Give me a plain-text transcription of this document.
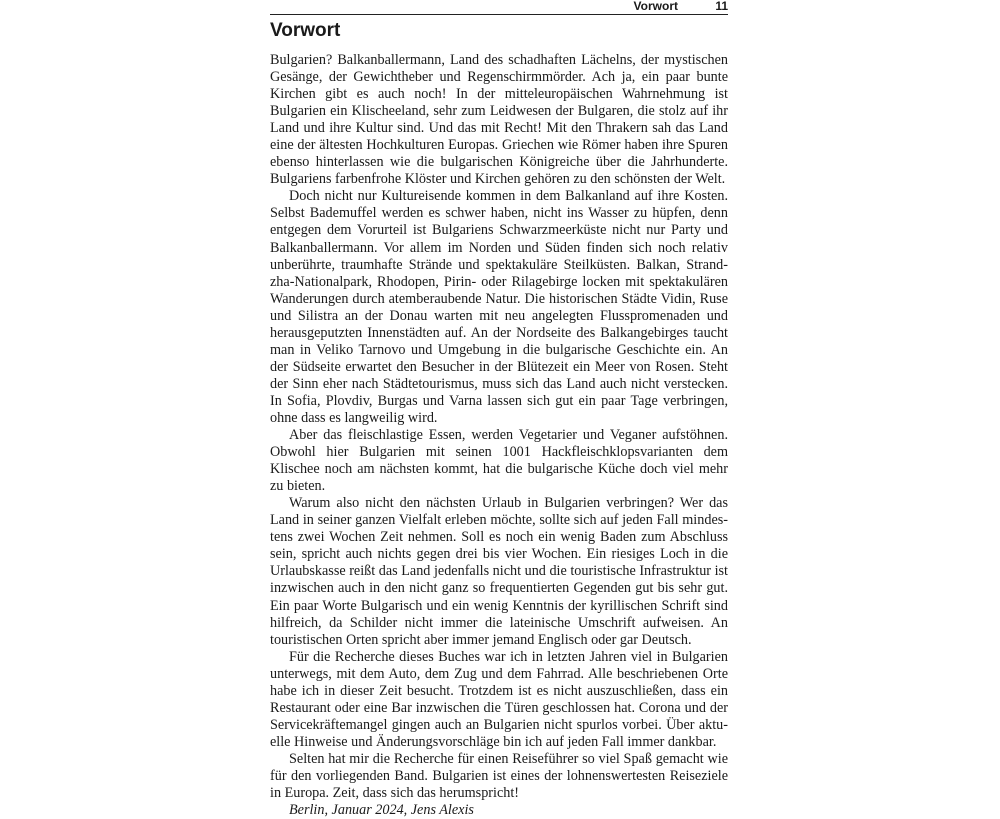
Vorwort	11
Vorwort

Bulgarien? Balkanballermann, Land des schadhaften Lächelns, der mystischen Gesänge, der Gewichtheber und Regenschirmmörder. Ach ja, ein paar bunte Kirchen gibt es auch noch! In der mitteleuropäischen Wahrnehmung ist Bulgarien ein Klischeeland, sehr zum Leidwesen der Bulgaren, die stolz auf ihr Land und ihre Kultur sind. Und das mit Recht! Mit den Thrakern sah das Land eine der ältesten Hochkulturen Europas. Griechen wie Römer haben ihre Spuren ebenso hinterlassen wie die bulgarischen Königreiche über die Jahrhunderte. Bulgariens farbenfrohe Klöster und Kirchen gehören zu den schönsten der Welt.

Doch nicht nur Kultureisende kommen in dem Balkanland auf ihre Kosten. Selbst Bademuffel werden es schwer haben, nicht ins Wasser zu hüpfen, denn entgegen dem Vorurteil ist Bulgariens Schwarzmeerküste nicht nur Party und Balkanballermann. Vor allem im Norden und Süden finden sich noch relativ unberührte, traumhafte Strände und spektakuläre Steilküsten. Balkan, Strandzha-Nationalpark, Rhodopen, Pirin- oder Rilagebirge locken mit spektakulären Wanderungen durch atemberaubende Natur. Die historischen Städte Vidin, Ruse und Silistra an der Donau warten mit neu angelegten Flusspromenaden und herausgeputzten Innenstädten auf. An der Nordseite des Balkangebirges taucht man in Veliko Tarnovo und Umgebung in die bulgarische Geschichte ein. An der Südseite erwartet den Besucher in der Blütezeit ein Meer von Rosen. Steht der Sinn eher nach Städtetourismus, muss sich das Land auch nicht verstecken. In Sofia, Plovdiv, Burgas und Varna lassen sich gut ein paar Tage verbringen, ohne dass es langweilig wird.

Aber das fleischlastige Essen, werden Vegetarier und Veganer aufstöhnen. Obwohl hier Bulgarien mit seinen 1001 Hackfleischklopsvarianten dem Klischee noch am nächsten kommt, hat die bulgarische Küche doch viel mehr zu bieten.

Warum also nicht den nächsten Urlaub in Bulgarien verbringen? Wer das Land in seiner ganzen Vielfalt erleben möchte, sollte sich auf jeden Fall mindestens zwei Wochen Zeit nehmen. Soll es noch ein wenig Baden zum Abschluss sein, spricht auch nichts gegen drei bis vier Wochen. Ein riesiges Loch in die Urlaubskasse reißt das Land jedenfalls nicht und die touristische Infrastruktur ist inzwischen auch in den nicht ganz so frequentierten Gegenden gut bis sehr gut. Ein paar Worte Bulgarisch und ein wenig Kenntnis der kyrillischen Schrift sind hilfreich, da Schilder nicht immer die lateinische Umschrift aufweisen. An touristischen Orten spricht aber immer jemand Englisch oder gar Deutsch.

Für die Recherche dieses Buches war ich in letzten Jahren viel in Bulgarien unterwegs, mit dem Auto, dem Zug und dem Fahrrad. Alle beschriebenen Orte habe ich in dieser Zeit besucht. Trotzdem ist es nicht auszuschließen, dass ein Restaurant oder eine Bar inzwischen die Türen geschlossen hat. Corona und der Servicekräftemangel gingen auch an Bulgarien nicht spurlos vorbei. Über aktuelle Hinweise und Änderungsvorschläge bin ich auf jeden Fall immer dankbar.

Selten hat mir die Recherche für einen Reiseführer so viel Spaß gemacht wie für den vorliegenden Band. Bulgarien ist eines der lohnenswertesten Reiseziele in Europa. Zeit, dass sich das herumspricht!

Berlin, Januar 2024, Jens Alexis
